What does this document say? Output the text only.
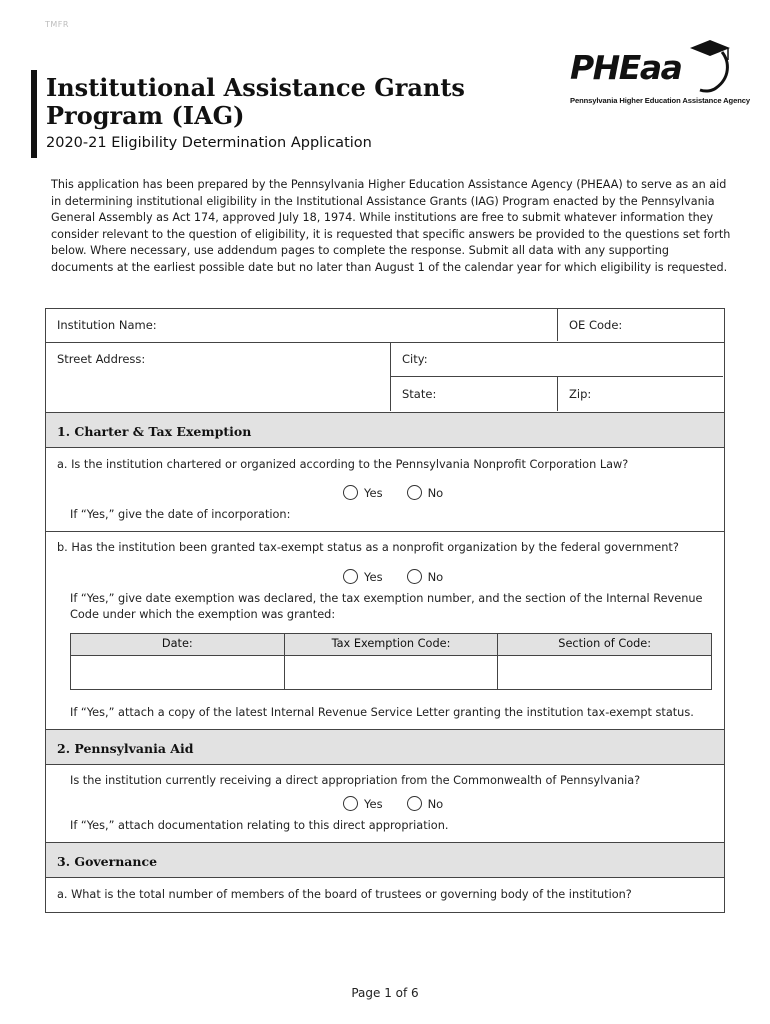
TMFR
Institutional Assistance Grants
Program (IAG)
2020-21 Eligibility Determination Application
PHEaa
Pennsylvania Higher Education Assistance Agency

This application has been prepared by the Pennsylvania Higher Education Assistance Agency (PHEAA) to serve as an aid in determining institutional eligibility in the Institutional Assistance Grants (IAG) Program enacted by the Pennsylvania General Assembly as Act 174, approved July 18, 1974. While institutions are free to submit whatever information they consider relevant to the question of eligibility, it is requested that specific answers be provided to the questions set forth below. Where necessary, use addendum pages to complete the response. Submit all data with any supporting documents at the earliest possible date but no later than August 1 of the calendar year for which eligibility is requested.

Institution Name:	OE Code:
Street Address:	City:
State:	Zip:
1. Charter & Tax Exemption
a. Is the institution chartered or organized according to the Pennsylvania Nonprofit Corporation Law?
Yes	No
If “Yes,” give the date of incorporation:
b. Has the institution been granted tax-exempt status as a nonprofit organization by the federal government?
Yes	No
If “Yes,” give date exemption was declared, the tax exemption number, and the section of the Internal Revenue
Code under which the exemption was granted:
Date:	Tax Exemption Code:	Section of Code:
If “Yes,” attach a copy of the latest Internal Revenue Service Letter granting the institution tax-exempt status.
2. Pennsylvania Aid
Is the institution currently receiving a direct appropriation from the Commonwealth of Pennsylvania?
Yes	No
If “Yes,” attach documentation relating to this direct appropriation.
3. Governance
a. What is the total number of members of the board of trustees or governing body of the institution?
Page 1 of 6
